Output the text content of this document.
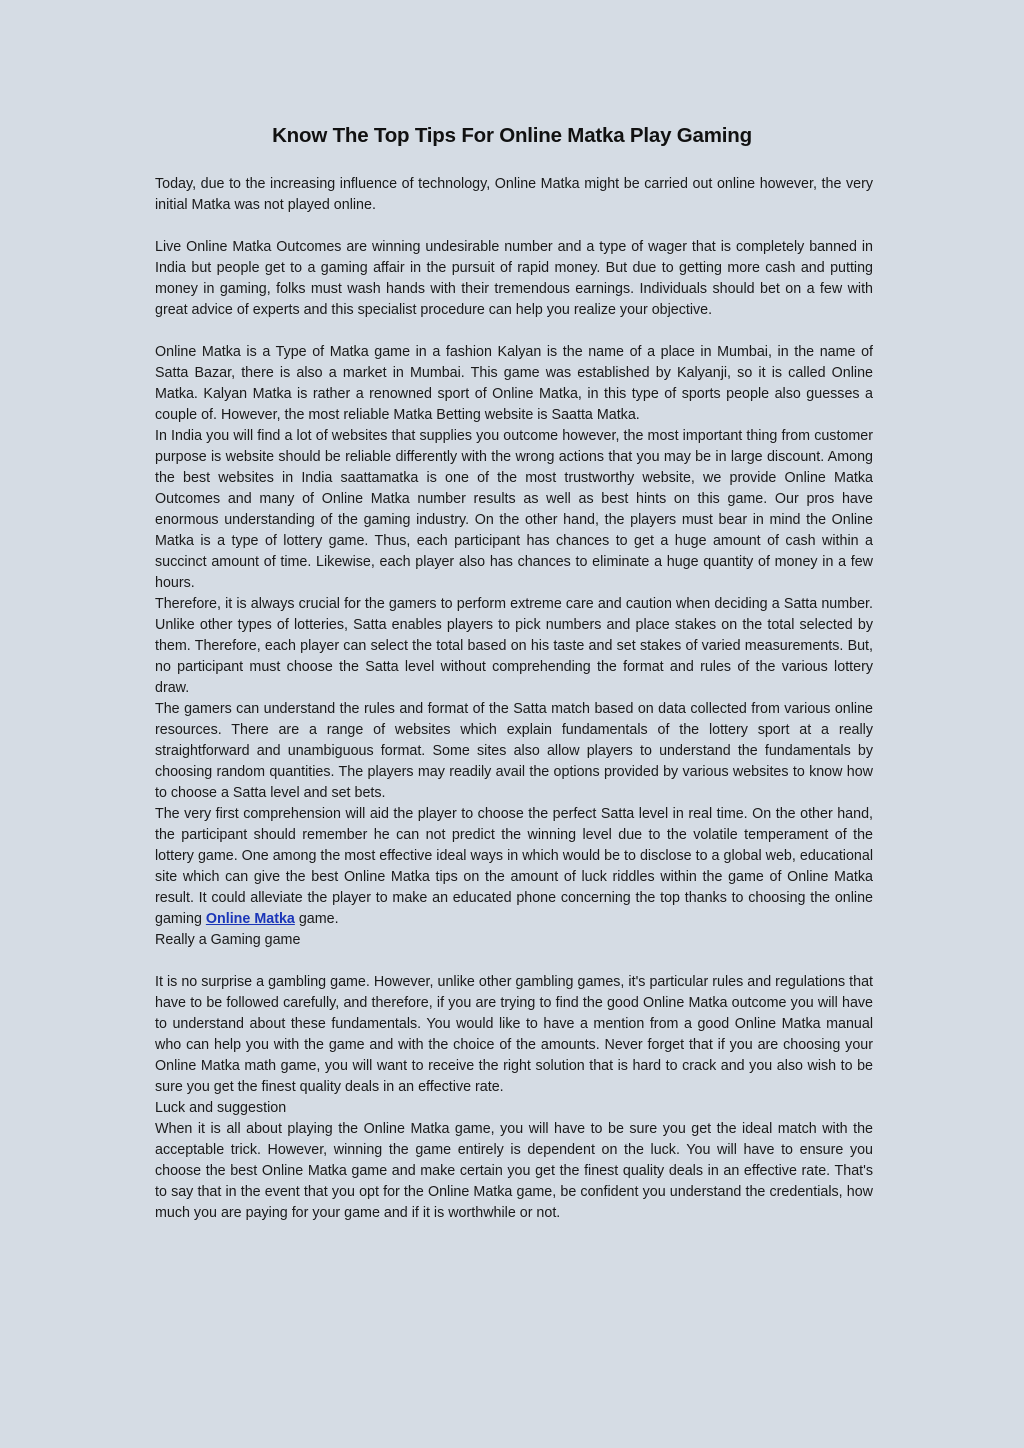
Know The Top Tips For Online Matka Play Gaming

Today, due to the increasing influence of technology, Online Matka might be carried out online however, the very initial Matka was not played online.

Live Online Matka Outcomes are winning undesirable number and a type of wager that is completely banned in India but people get to a gaming affair in the pursuit of rapid money. But due to getting more cash and putting money in gaming, folks must wash hands with their tremendous earnings. Individuals should bet on a few with great advice of experts and this specialist procedure can help you realize your objective.

Online Matka is a Type of Matka game in a fashion Kalyan is the name of a place in Mumbai, in the name of Satta Bazar, there is also a market in Mumbai. This game was established by Kalyanji, so it is called Online Matka. Kalyan Matka is rather a renowned sport of Online Matka, in this type of sports people also guesses a couple of. However, the most reliable Matka Betting website is Saatta Matka.

In India you will find a lot of websites that supplies you outcome however, the most important thing from customer purpose is website should be reliable differently with the wrong actions that you may be in large discount. Among the best websites in India saattamatka is one of the most trustworthy website, we provide Online Matka Outcomes and many of Online Matka number results as well as best hints on this game. Our pros have enormous understanding of the gaming industry. On the other hand, the players must bear in mind the Online Matka is a type of lottery game. Thus, each participant has chances to get a huge amount of cash within a succinct amount of time. Likewise, each player also has chances to eliminate a huge quantity of money in a few hours.

Therefore, it is always crucial for the gamers to perform extreme care and caution when deciding a Satta number. Unlike other types of lotteries, Satta enables players to pick numbers and place stakes on the total selected by them. Therefore, each player can select the total based on his taste and set stakes of varied measurements. But, no participant must choose the Satta level without comprehending the format and rules of the various lottery draw.

The gamers can understand the rules and format of the Satta match based on data collected from various online resources. There are a range of websites which explain fundamentals of the lottery sport at a really straightforward and unambiguous format. Some sites also allow players to understand the fundamentals by choosing random quantities. The players may readily avail the options provided by various websites to know how to choose a Satta level and set bets.

The very first comprehension will aid the player to choose the perfect Satta level in real time. On the other hand, the participant should remember he can not predict the winning level due to the volatile temperament of the lottery game. One among the most effective ideal ways in which would be to disclose to a global web, educational site which can give the best Online Matka tips on the amount of luck riddles within the game of Online Matka result. It could alleviate the player to make an educated phone concerning the top thanks to choosing the online gaming Online Matka game.

Really a Gaming game

It is no surprise a gambling game. However, unlike other gambling games, it's particular rules and regulations that have to be followed carefully, and therefore, if you are trying to find the good Online Matka outcome you will have to understand about these fundamentals. You would like to have a mention from a good Online Matka manual who can help you with the game and with the choice of the amounts. Never forget that if you are choosing your Online Matka math game, you will want to receive the right solution that is hard to crack and you also wish to be sure you get the finest quality deals in an effective rate.

Luck and suggestion

When it is all about playing the Online Matka game, you will have to be sure you get the ideal match with the acceptable trick. However, winning the game entirely is dependent on the luck. You will have to ensure you choose the best Online Matka game and make certain you get the finest quality deals in an effective rate. That's to say that in the event that you opt for the Online Matka game, be confident you understand the credentials, how much you are paying for your game and if it is worthwhile or not.
